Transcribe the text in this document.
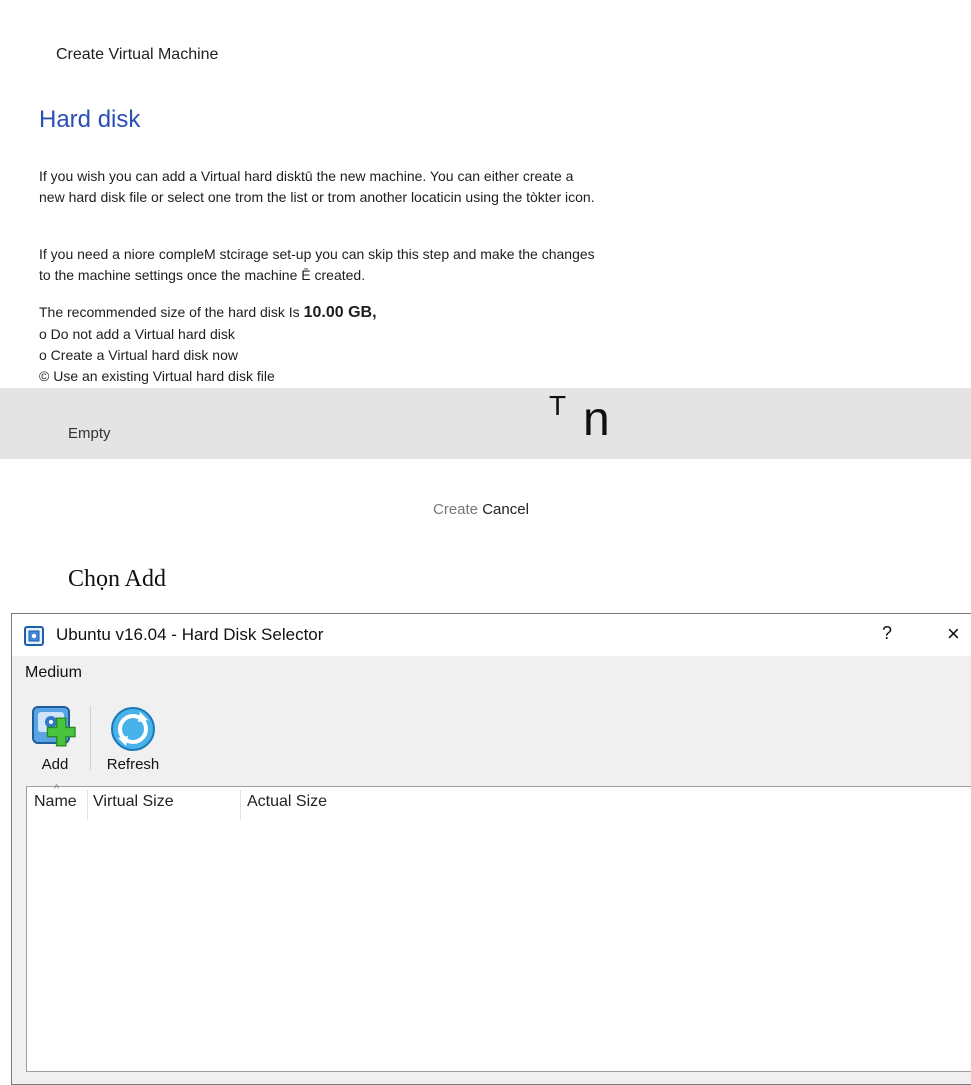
Create Virtual Machine
Hard disk
If you wish you can add a Virtual hard disktū the new machine. You can either create a new hard disk file or select one trom the list or trom another locaticin using the tòkter icon.
If you need a niore compleM stcirage set-up you can skip this step and make the changes to the machine settings once the machine Ē created.
The recommended size of the hard disk Is 10.00 GB,
o Do not add a Virtual hard disk
o Create a Virtual hard disk now
© Use an existing Virtual hard disk file
Empty
T n
Create Cancel
Chọn Add
Ubuntu v16.04 - Hard Disk Selector	? ×
Medium
Add	Refresh
^
Name Virtual Size	Actual Size
